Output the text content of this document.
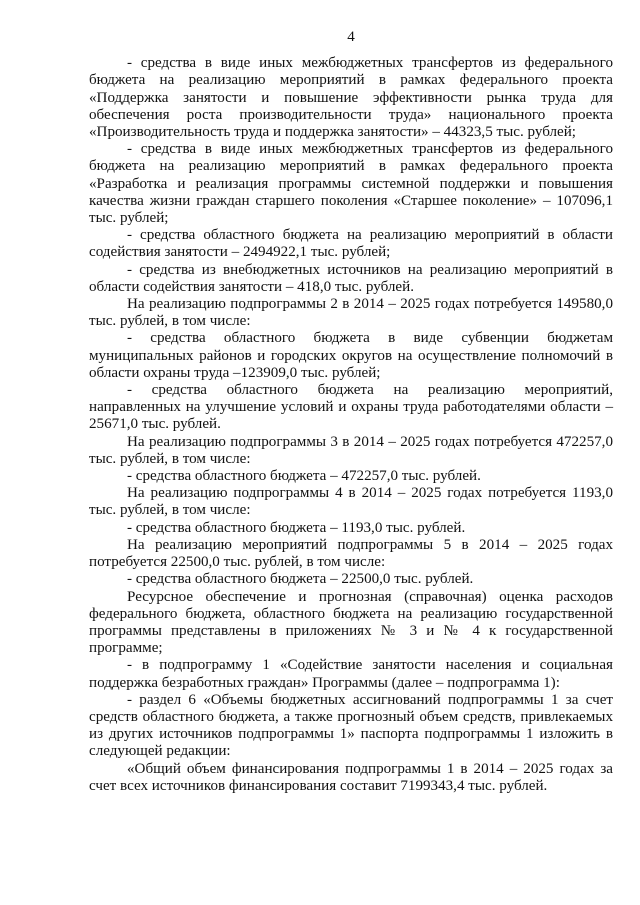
4

- средства в виде иных межбюджетных трансфертов из федерального бюджета на реализацию мероприятий в рамках федерального проекта «Поддержка занятости и повышение эффективности рынка труда для обеспечения роста производительности труда» национального проекта «Производительность труда и поддержка занятости» – 44323,5 тыс. рублей;

- средства в виде иных межбюджетных трансфертов из федерального бюджета на реализацию мероприятий в рамках федерального проекта «Разработка и реализация программы системной поддержки и повышения качества жизни граждан старшего поколения «Старшее поколение» – 107096,1 тыс. рублей;

- средства областного бюджета на реализацию мероприятий в области содействия занятости – 2494922,1 тыс. рублей;

- средства из внебюджетных источников на реализацию мероприятий в области содействия занятости – 418,0 тыс. рублей.

На реализацию подпрограммы 2 в 2014 – 2025 годах потребуется 149580,0 тыс. рублей, в том числе:

- средства областного бюджета в виде субвенции бюджетам муниципальных районов и городских округов на осуществление полномочий в области охраны труда –123909,0 тыс. рублей;

- средства областного бюджета на реализацию мероприятий, направленных на улучшение условий и охраны труда работодателями области – 25671,0 тыс. рублей.

На реализацию подпрограммы 3 в 2014 – 2025 годах потребуется 472257,0 тыс. рублей, в том числе:

- средства областного бюджета – 472257,0 тыс. рублей.

На реализацию подпрограммы 4 в 2014 – 2025 годах потребуется 1193,0 тыс. рублей, в том числе:

- средства областного бюджета – 1193,0 тыс. рублей.

На реализацию мероприятий подпрограммы 5 в 2014 – 2025 годах потребуется 22500,0 тыс. рублей, в том числе:

- средства областного бюджета – 22500,0 тыс. рублей.

Ресурсное обеспечение и прогнозная (справочная) оценка расходов федерального бюджета, областного бюджета на реализацию государственной программы представлены в приложениях № 3 и № 4 к государственной программе;

- в подпрограмму 1 «Содействие занятости населения и социальная поддержка безработных граждан» Программы (далее – подпрограмма 1):

- раздел 6 «Объемы бюджетных ассигнований подпрограммы 1 за счет средств областного бюджета, а также прогнозный объем средств, привлекаемых из других источников подпрограммы 1» паспорта подпрограммы 1 изложить в следующей редакции:

«Общий объем финансирования подпрограммы 1 в 2014 – 2025 годах за счет всех источников финансирования составит 7199343,4 тыс. рублей.
